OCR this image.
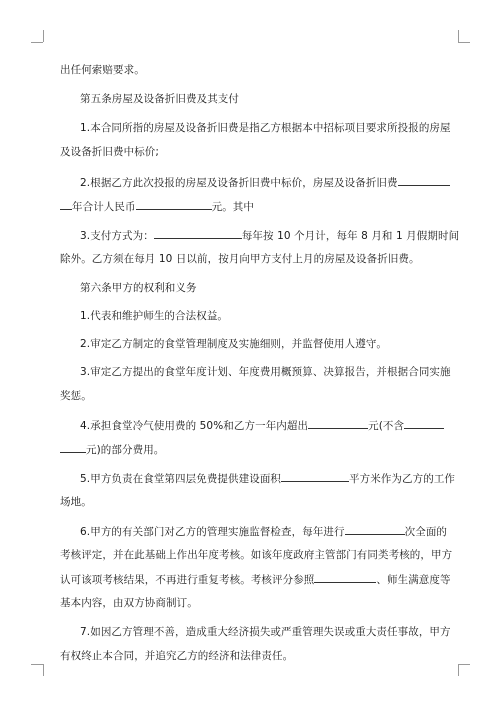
出任何索赔要求。
第五条房屋及设备折旧费及其支付
1.本合同所指的房屋及设备折旧费是指乙方根据本中招标项目要求所投报的房屋
及设备折旧费中标价;
2.根据乙方此次投报的房屋及设备折旧费中标价，房屋及设备折旧费
年合计人民币	元。其中
3.支付方式为：	每年按 10 个月计，每年 8 月和 1 月假期时间
除外。乙方须在每月 10 日以前，按月向甲方支付上月的房屋及设备折旧费。
第六条甲方的权利和义务
1.代表和维护师生的合法权益。
2.审定乙方制定的食堂管理制度及实施细则，并监督使用人遵守。
3.审定乙方提出的食堂年度计划、年度费用概预算、决算报告，并根据合同实施
奖惩。
4.承担食堂冷气使用费的 50%和乙方一年内超出	元(不含
元)的部分费用。
5.甲方负责在食堂第四层免费提供建设面积	平方米作为乙方的工作
场地。
6.甲方的有关部门对乙方的管理实施监督检查，每年进行	次全面的
考核评定，并在此基础上作出年度考核。如该年度政府主管部门有同类考核的，甲方
认可该项考核结果，不再进行重复考核。考核评分参照	、师生满意度等
基本内容，由双方协商制订。
7.如因乙方管理不善，造成重大经济损失或严重管理失误或重大责任事故，甲方
有权终止本合同，并追究乙方的经济和法律责任。
